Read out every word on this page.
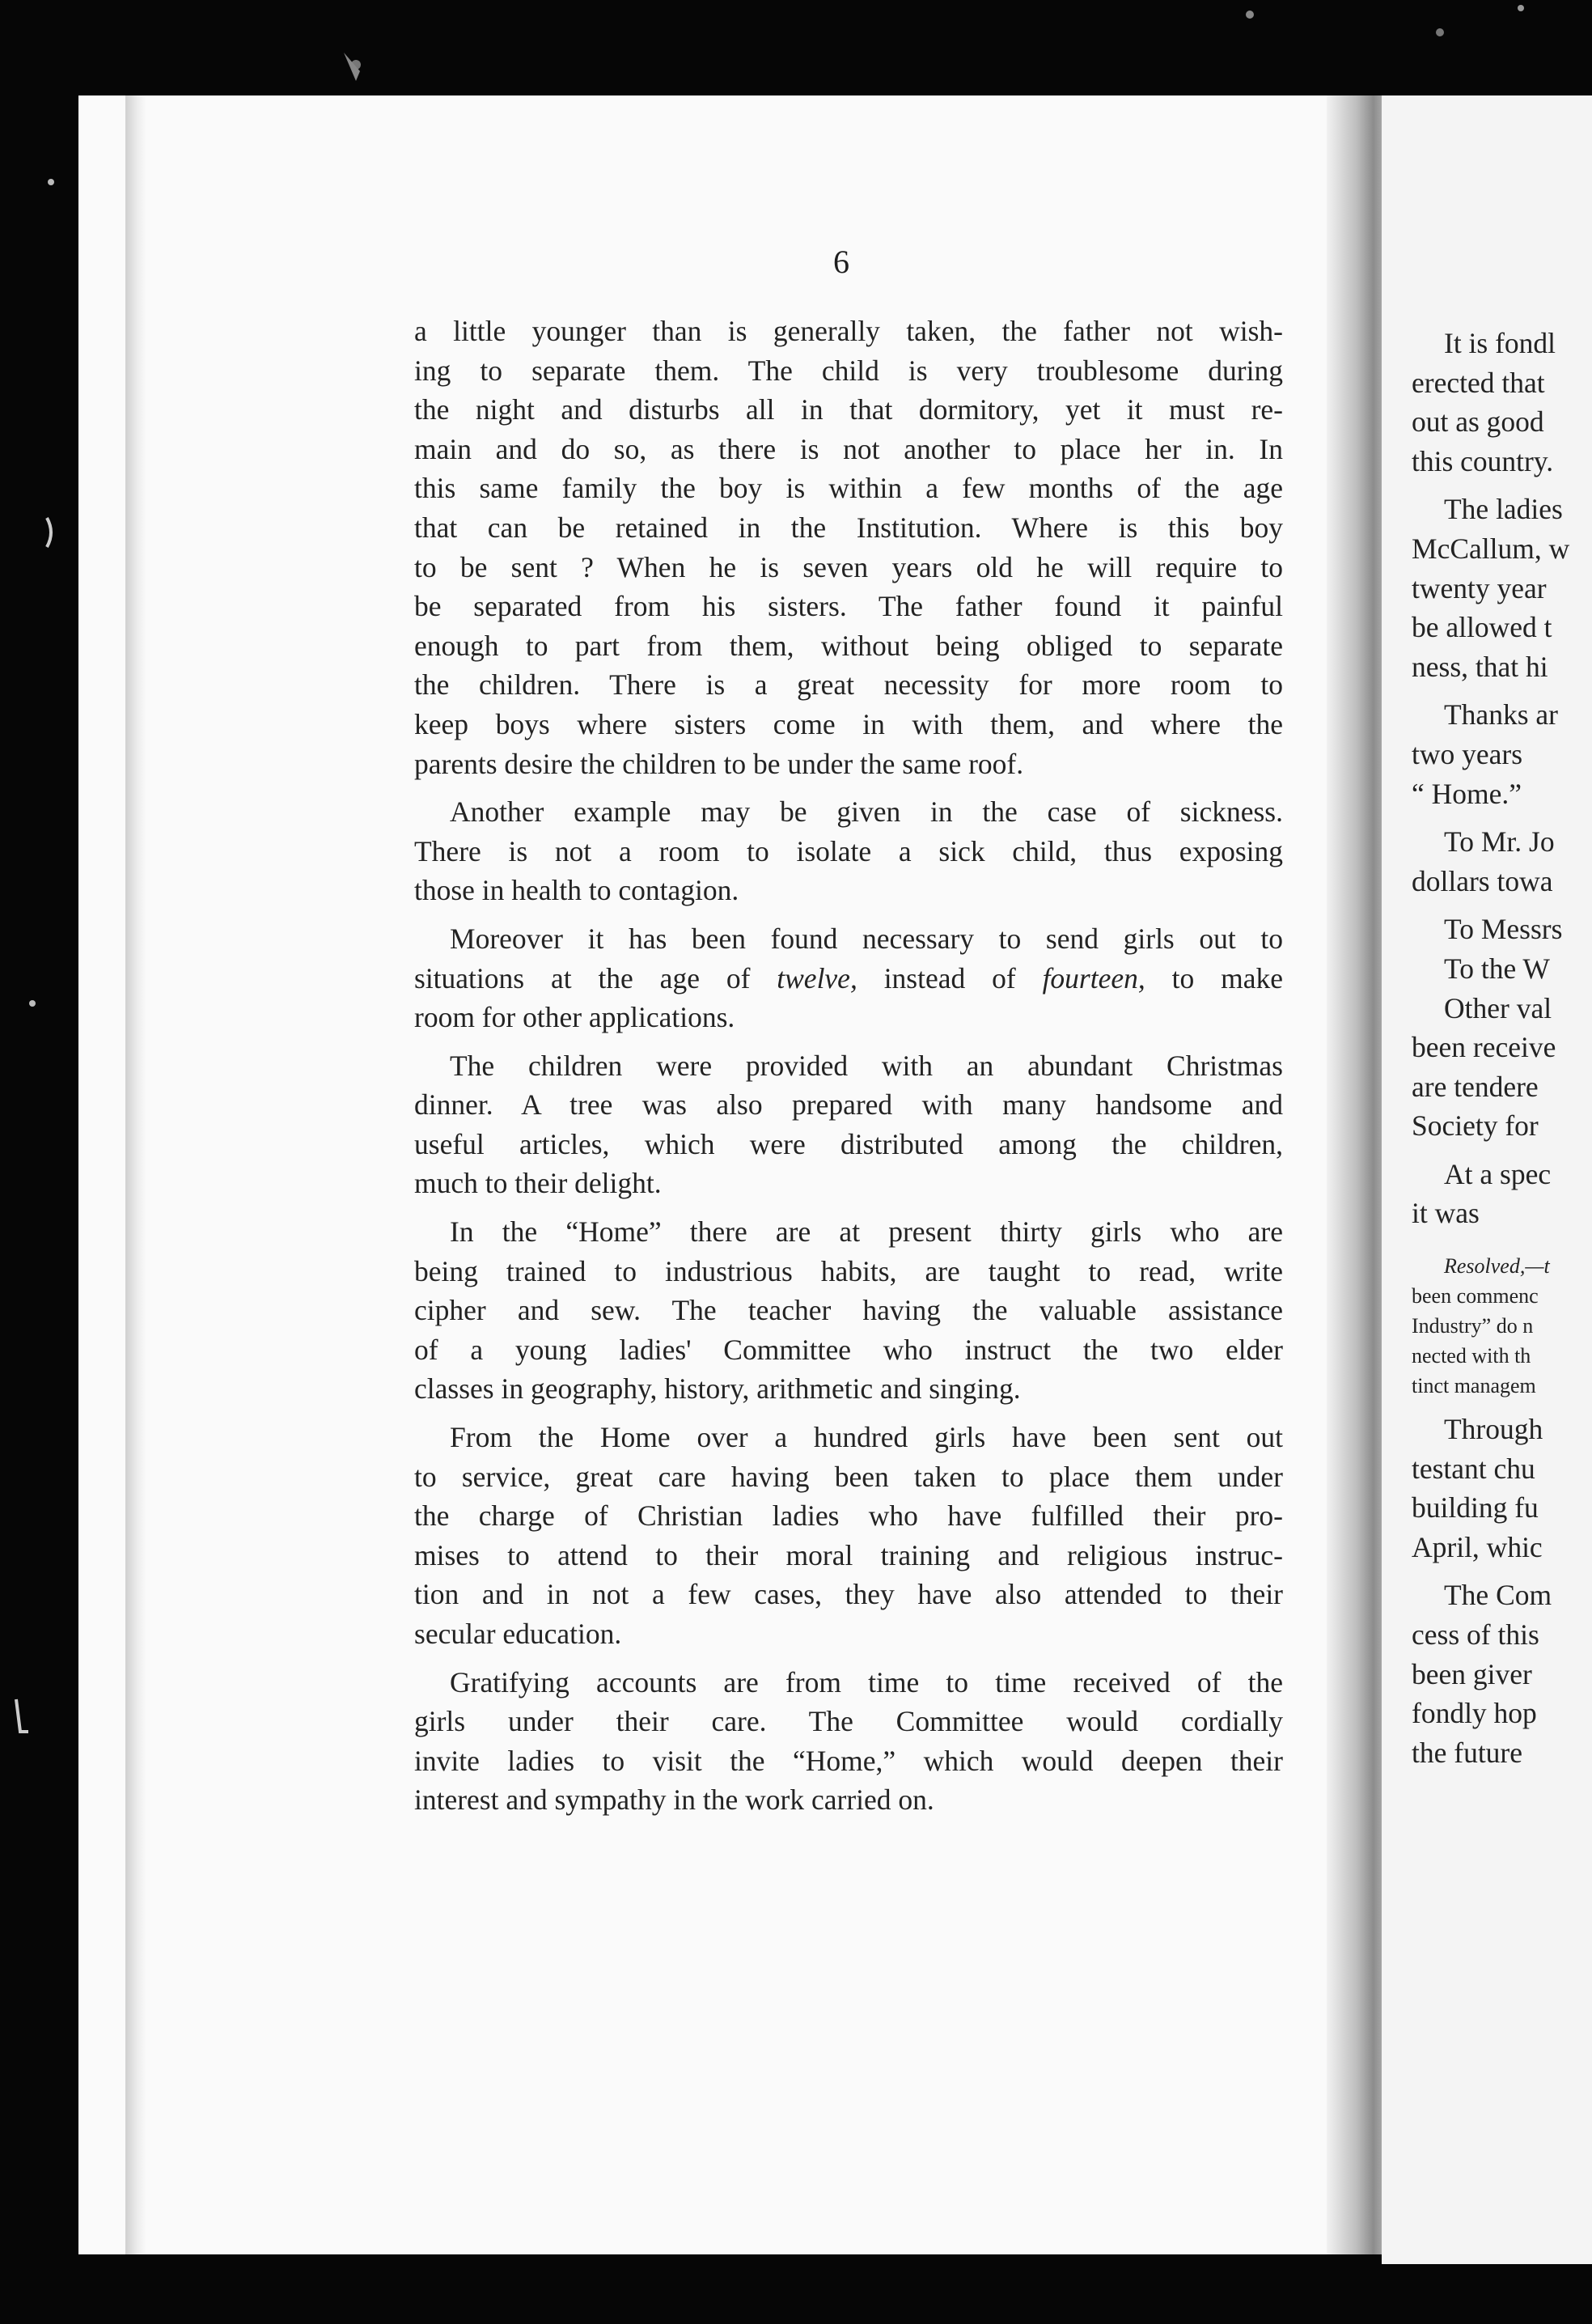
6

a little younger than is generally taken, the father not wish-
ing to separate them. The child is very troublesome during
the night and disturbs all in that dormitory, yet it must re-
main and do so, as there is not another to place her in. In
this same family the boy is within a few months of the age
that can be retained in the Institution. Where is this boy
to be sent ? When he is seven years old he will require to
be separated from his sisters. The father found it painful
enough to part from them, without being obliged to separate
the children. There is a great necessity for more room to
keep boys where sisters come in with them, and where the
parents desire the children to be under the same roof.

Another example may be given in the case of sickness.
There is not a room to isolate a sick child, thus exposing
those in health to contagion.

Moreover it has been found necessary to send girls out to
situations at the age of twelve, instead of fourteen, to make
room for other applications.

The children were provided with an abundant Christmas
dinner. A tree was also prepared with many handsome and
useful articles, which were distributed among the children,
much to their delight.

In the “Home” there are at present thirty girls who are
being trained to industrious habits, are taught to read, write
cipher and sew. The teacher having the valuable assistance
of a young ladies' Committee who instruct the two elder
classes in geography, history, arithmetic and singing.

From the Home over a hundred girls have been sent out
to service, great care having been taken to place them under
the charge of Christian ladies who have fulfilled their pro-
mises to attend to their moral training and religious instruc-
tion and in not a few cases, they have also attended to their
secular education.

Gratifying accounts are from time to time received of the
girls under their care. The Committee would cordially
invite ladies to visit the “Home,” which would deepen their
interest and sympathy in the work carried on.

It is fondl
erected that
out as good
this country.
The ladies
McCallum, w
twenty year
be allowed t
ness, that hi
Thanks ar
two years
“ Home.”
To Mr. Jo
dollars towa
To Messrs
To the W
Other val
been receive
are tendere
Society for
At a spec
it was
Resolved,—t
been commenc
Industry” do n
nected with th
tinct managem
Through
testant chu
building fu
April, whic
The Com
cess of this
been giver
fondly hop
the future
